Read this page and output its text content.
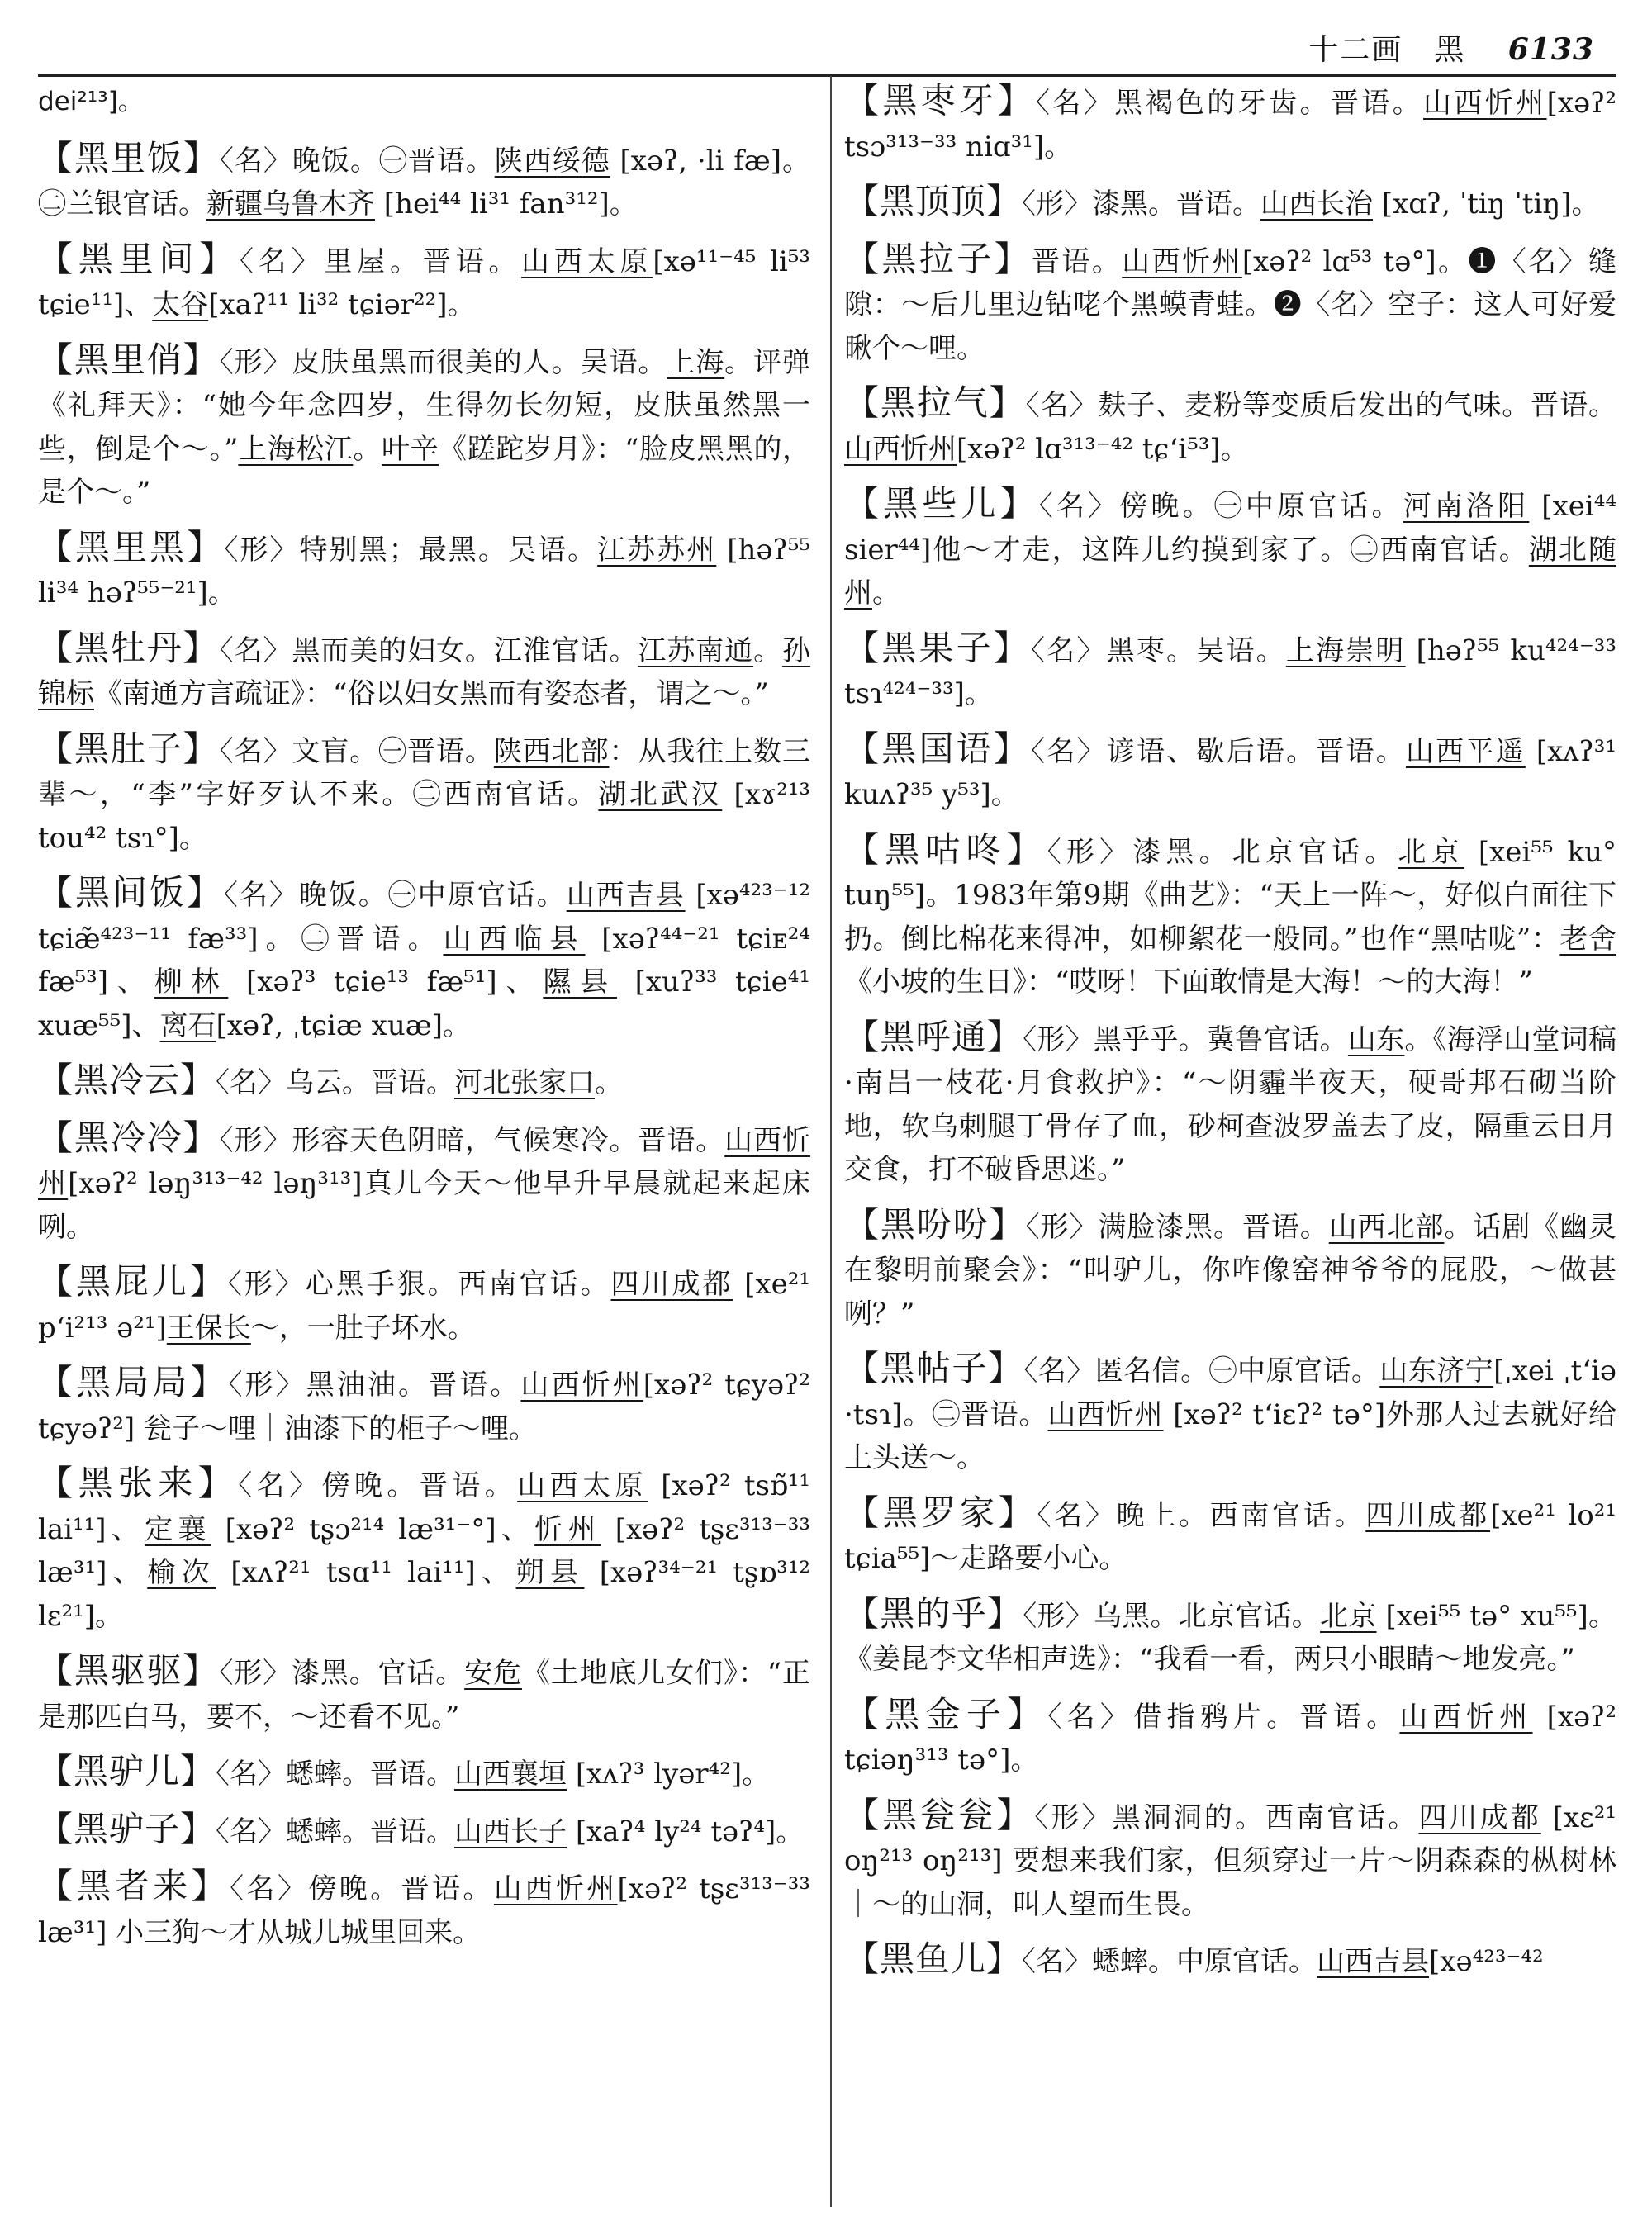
十二画　黑 6133
dei²¹³]。
【黑里饭】〈名〉晚饭。㊀晋语。陕西绥德 [xəʔ, ·li fæ]。㊁兰银官话。新疆乌鲁木齐 [hei⁴⁴ li³¹ fan³¹²]。
【黑里间】〈名〉里屋。晋语。山西太原[xə¹¹⁻⁴⁵ li⁵³ tɕie¹¹]、太谷[xaʔ¹¹ li³² tɕiər²²]。
【黑里俏】〈形〉皮肤虽黑而很美的人。吴语。上海。评弹《礼拜天》：“她今年念四岁，生得勿长勿短，皮肤虽然黑一些，倒是个～。”上海松江。叶辛《蹉跎岁月》：“脸皮黑黑的，是个～。”
【黑里黑】〈形〉特别黑；最黑。吴语。江苏苏州 [həʔ⁵⁵ li³⁴ həʔ⁵⁵⁻²¹]。
【黑牡丹】〈名〉黑而美的妇女。江淮官话。江苏南通。孙锦标《南通方言疏证》：“俗以妇女黑而有姿态者，谓之～。”
【黑肚子】〈名〉文盲。㊀晋语。陕西北部：从我往上数三辈～，“李”字好歹认不来。㊁西南官话。湖北武汉 [xɤ²¹³ tou⁴² tsɿ°]。
【黑间饭】〈名〉晚饭。㊀中原官话。山西吉县 [xə⁴²³⁻¹² tɕiæ̃⁴²³⁻¹¹ fæ³³]。㊁晋语。山西临县 [xəʔ⁴⁴⁻²¹ tɕiᴇ²⁴ fæ⁵³]、柳林 [xəʔ³ tɕie¹³ fæ⁵¹]、隰县 [xuʔ³³ tɕie⁴¹ xuæ⁵⁵]、离石[xəʔ, ˌtɕiæ xuæ]。
【黑冷云】〈名〉乌云。晋语。河北张家口。
【黑冷冷】〈形〉形容天色阴暗，气候寒冷。晋语。山西忻州[xəʔ² ləŋ³¹³⁻⁴² ləŋ³¹³]真儿今天～他早升早晨就起来起床咧。
【黑屁儿】〈形〉心黑手狠。西南官话。四川成都 [xe²¹ pʻi²¹³ ə²¹]王保长～，一肚子坏水。
【黑局局】〈形〉黑油油。晋语。山西忻州[xəʔ² tɕyəʔ² tɕyəʔ²] 瓮子～哩｜油漆下的柜子～哩。
【黑张来】〈名〉傍晚。晋语。山西太原 [xəʔ² tsɒ̃¹¹ lai¹¹]、定襄 [xəʔ² tʂɔ²¹⁴ læ³¹⁻°]、忻州 [xəʔ² tʂɛ³¹³⁻³³ læ³¹]、榆次 [xʌʔ²¹ tsɑ¹¹ lai¹¹]、朔县 [xəʔ³⁴⁻²¹ tʂɒ³¹² lɛ²¹]。
【黑驱驱】〈形〉漆黑。官话。安危《土地底儿女们》：“正是那匹白马，要不，～还看不见。”
【黑驴儿】〈名〉蟋蟀。晋语。山西襄垣 [xʌʔ³ lyər⁴²]。
【黑驴子】〈名〉蟋蟀。晋语。山西长子 [xaʔ⁴ ly²⁴ təʔ⁴]。
【黑者来】〈名〉傍晚。晋语。山西忻州[xəʔ² tʂɛ³¹³⁻³³ læ³¹] 小三狗～才从城儿城里回来。
【黑枣牙】〈名〉黑褐色的牙齿。晋语。山西忻州[xəʔ² tsɔ³¹³⁻³³ niɑ³¹]。
【黑顶顶】〈形〉漆黑。晋语。山西长治 [xɑʔ, ˈtiŋ ˈtiŋ]。
【黑拉子】晋语。山西忻州[xəʔ² lɑ⁵³ tə°]。❶〈名〉缝隙：～后儿里边钻咾个黑蟆青蛙。❷〈名〉空子：这人可好爱瞅个～哩。
【黑拉气】〈名〉麸子、麦粉等变质后发出的气味。晋语。山西忻州[xəʔ² lɑ³¹³⁻⁴² tɕʻi⁵³]。
【黑些儿】〈名〉傍晚。㊀中原官话。河南洛阳 [xei⁴⁴ sier⁴⁴]他～才走，这阵儿约摸到家了。㊁西南官话。湖北随州。
【黑果子】〈名〉黑枣。吴语。上海崇明 [həʔ⁵⁵ ku⁴²⁴⁻³³ tsɿ⁴²⁴⁻³³]。
【黑国语】〈名〉谚语、歇后语。晋语。山西平遥 [xʌʔ³¹ kuʌʔ³⁵ y⁵³]。
【黑咕咚】〈形〉漆黑。北京官话。北京 [xei⁵⁵ ku° tuŋ⁵⁵]。1983年第9期《曲艺》：“天上一阵～，好似白面往下扔。倒比棉花来得冲，如柳絮花一般同。”也作“黑咕咙”：老舍《小坡的生日》：“哎呀！下面敢情是大海！～的大海！”
【黑呼通】〈形〉黑乎乎。冀鲁官话。山东。《海浮山堂词稿·南吕一枝花·月食救护》：“～阴霾半夜天，硬哥邦石砌当阶地，软乌刺腿丁骨存了血，砂柯查波罗盖去了皮，隔重云日月交食，打不破昏思迷。”
【黑吩吩】〈形〉满脸漆黑。晋语。山西北部。话剧《幽灵在黎明前聚会》：“叫驴儿，你咋像窑神爷爷的屁股，～做甚咧？”
【黑帖子】〈名〉匿名信。㊀中原官话。山东济宁[ˌxei ˌtʻiə ·tsɿ]。㊁晋语。山西忻州 [xəʔ² tʻiɛʔ² tə°]外那人过去就好给上头送～。
【黑罗家】〈名〉晚上。西南官话。四川成都[xe²¹ lo²¹ tɕia⁵⁵]～走路要小心。
【黑的乎】〈形〉乌黑。北京官话。北京 [xei⁵⁵ tə° xu⁵⁵]。《姜昆李文华相声选》：“我看一看，两只小眼睛～地发亮。”
【黑金子】〈名〉借指鸦片。晋语。山西忻州 [xəʔ² tɕiəŋ³¹³ tə°]。
【黑瓮瓮】〈形〉黑洞洞的。西南官话。四川成都 [xɛ²¹ oŋ²¹³ oŋ²¹³] 要想来我们家，但须穿过一片～阴森森的枞树林｜～的山洞，叫人望而生畏。
【黑鱼儿】〈名〉蟋蟀。中原官话。山西吉县[xə⁴²³⁻⁴²
